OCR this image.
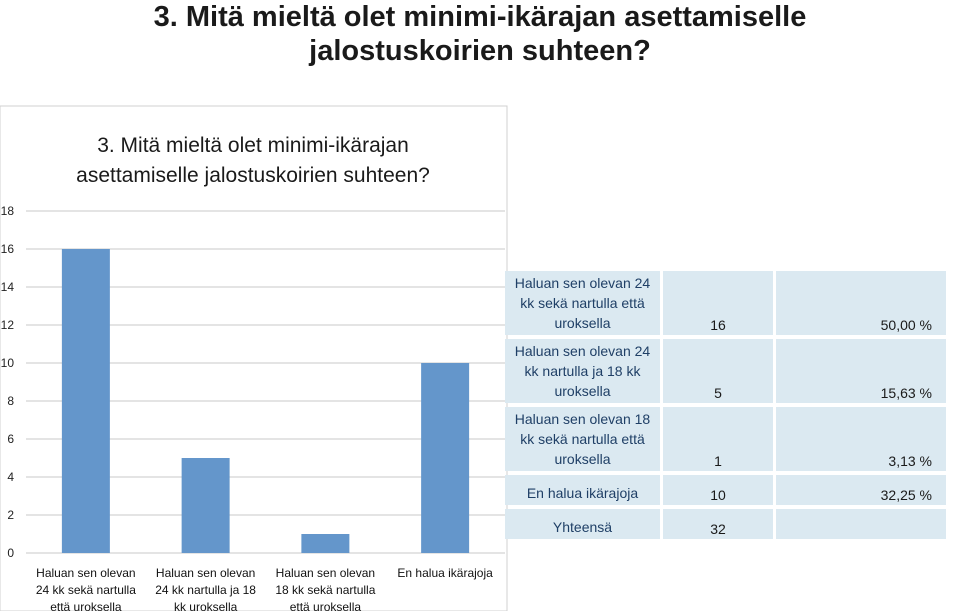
3. Mitä mieltä olet minimi-ikärajan asettamiselle
jalostuskoirien suhteen?
3. Mitä mieltä olet minimi-ikärajan
asettamiselle jalostuskoirien suhteen?
0
2
4
6
8
10
12
14
16
18
Haluan sen olevan
24 kk sekä nartulla
että uroksella
Haluan sen olevan
24 kk nartulla ja 18
kk uroksella
Haluan sen olevan
18 kk sekä nartulla
että uroksella
En halua ikärajoja
Haluan sen olevan 24
kk sekä nartulla että
uroksella	16	50,00 %
Haluan sen olevan 24
kk nartulla ja 18 kk
uroksella	5	15,63 %
Haluan sen olevan 18
kk sekä nartulla että
uroksella	1	3,13 %
En halua ikärajoja	10	32,25 %
Yhteensä	32
